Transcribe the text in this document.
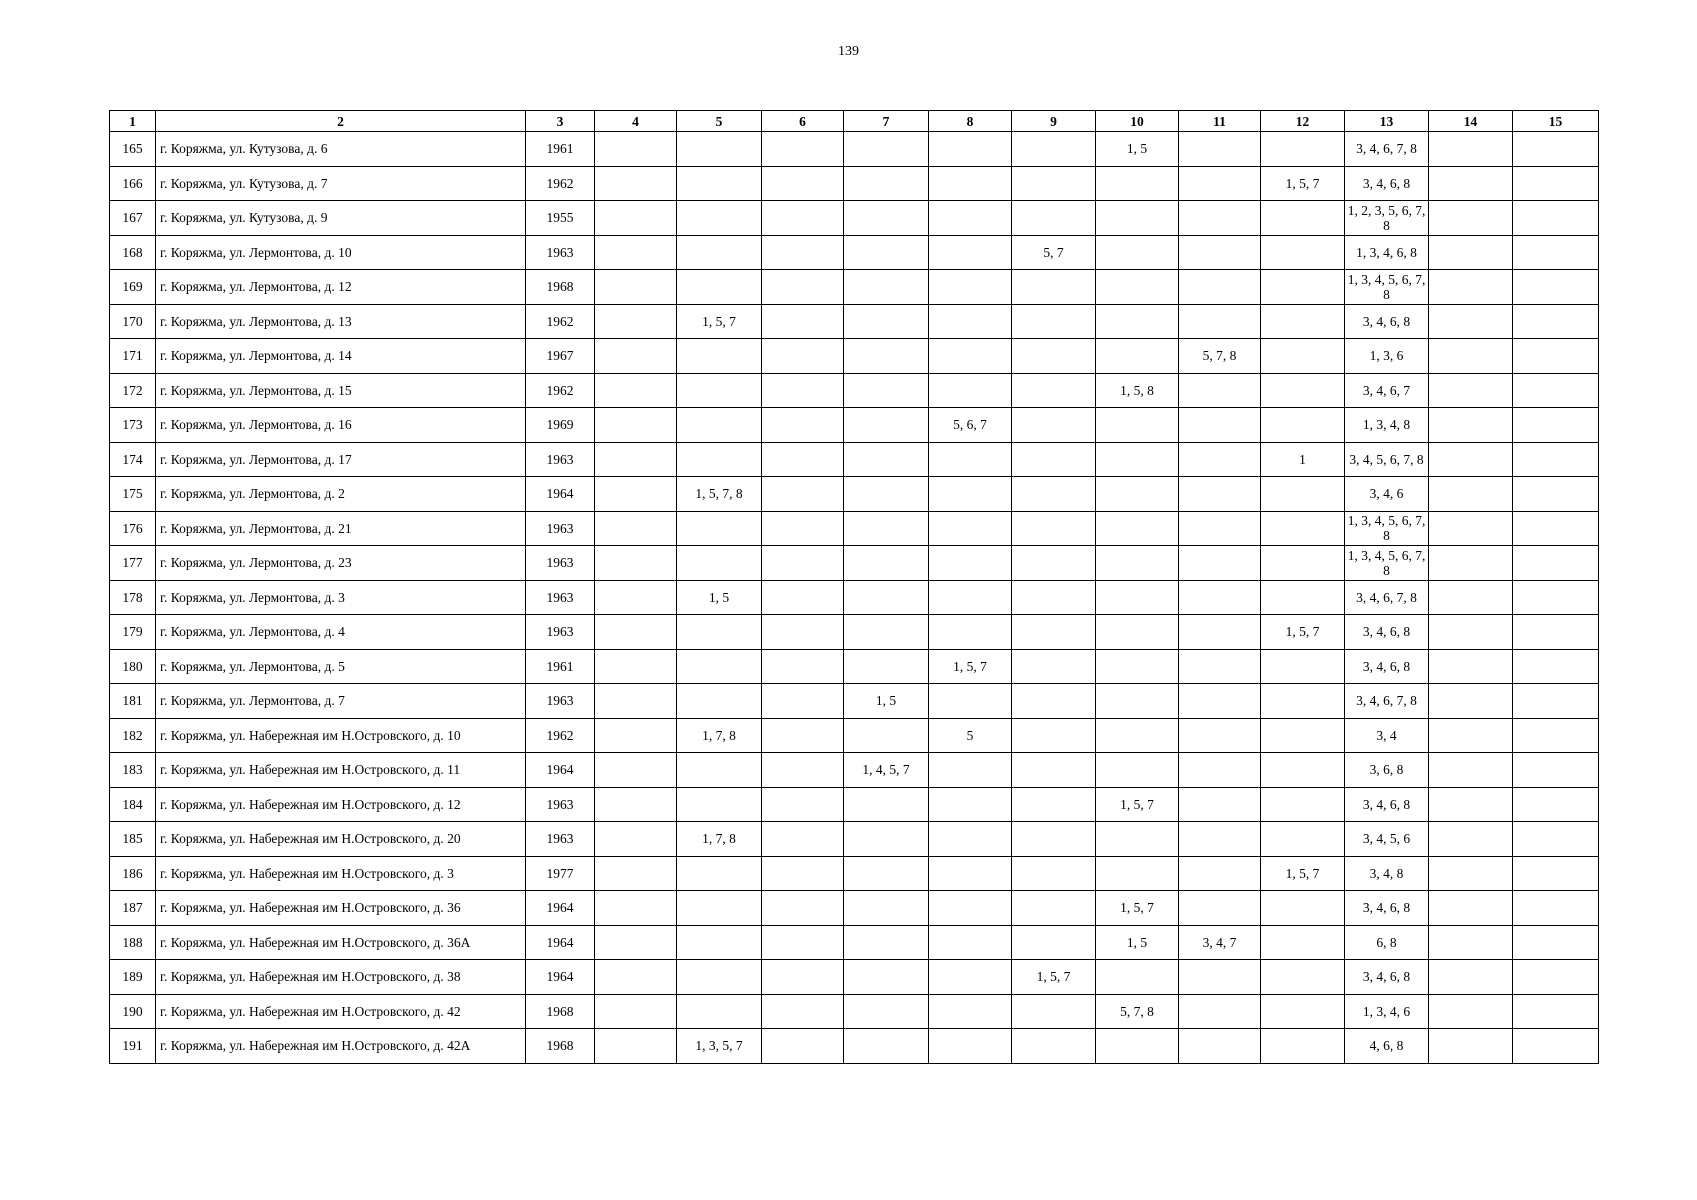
139
1	2	3	4	5	6	7	8	9	10	11	12	13	14	15
165	г. Коряжма, ул. Кутузова, д. 6	1961							1, 5			3, 4, 6, 7, 8		
166	г. Коряжма, ул. Кутузова, д. 7	1962									1, 5, 7	3, 4, 6, 8		
167	г. Коряжма, ул. Кутузова, д. 9	1955										1, 2, 3, 5, 6, 7, 8		
168	г. Коряжма, ул. Лермонтова, д. 10	1963						5, 7				1, 3, 4, 6, 8		
169	г. Коряжма, ул. Лермонтова, д. 12	1968										1, 3, 4, 5, 6, 7, 8		
170	г. Коряжма, ул. Лермонтова, д. 13	1962		1, 5, 7								3, 4, 6, 8		
171	г. Коряжма, ул. Лермонтова, д. 14	1967								5, 7, 8		1, 3, 6		
172	г. Коряжма, ул. Лермонтова, д. 15	1962							1, 5, 8			3, 4, 6, 7		
173	г. Коряжма, ул. Лермонтова, д. 16	1969					5, 6, 7					1, 3, 4, 8		
174	г. Коряжма, ул. Лермонтова, д. 17	1963									1	3, 4, 5, 6, 7, 8		
175	г. Коряжма, ул. Лермонтова, д. 2	1964		1, 5, 7, 8								3, 4, 6		
176	г. Коряжма, ул. Лермонтова, д. 21	1963										1, 3, 4, 5, 6, 7, 8		
177	г. Коряжма, ул. Лермонтова, д. 23	1963										1, 3, 4, 5, 6, 7, 8		
178	г. Коряжма, ул. Лермонтова, д. 3	1963		1, 5								3, 4, 6, 7, 8		
179	г. Коряжма, ул. Лермонтова, д. 4	1963									1, 5, 7	3, 4, 6, 8		
180	г. Коряжма, ул. Лермонтова, д. 5	1961					1, 5, 7					3, 4, 6, 8		
181	г. Коряжма, ул. Лермонтова, д. 7	1963				1, 5						3, 4, 6, 7, 8		
182	г. Коряжма, ул. Набережная им Н.Островского, д. 10	1962		1, 7, 8			5					3, 4		
183	г. Коряжма, ул. Набережная им Н.Островского, д. 11	1964				1, 4, 5, 7						3, 6, 8		
184	г. Коряжма, ул. Набережная им Н.Островского, д. 12	1963							1, 5, 7			3, 4, 6, 8		
185	г. Коряжма, ул. Набережная им Н.Островского, д. 20	1963		1, 7, 8								3, 4, 5, 6		
186	г. Коряжма, ул. Набережная им Н.Островского, д. 3	1977									1, 5, 7	3, 4, 8		
187	г. Коряжма, ул. Набережная им Н.Островского, д. 36	1964							1, 5, 7			3, 4, 6, 8		
188	г. Коряжма, ул. Набережная им Н.Островского, д. 36А	1964							1, 5	3, 4, 7		6, 8		
189	г. Коряжма, ул. Набережная им Н.Островского, д. 38	1964						1, 5, 7				3, 4, 6, 8		
190	г. Коряжма, ул. Набережная им Н.Островского, д. 42	1968							5, 7, 8			1, 3, 4, 6		
191	г. Коряжма, ул. Набережная им Н.Островского, д. 42А	1968		1, 3, 5, 7								4, 6, 8		
